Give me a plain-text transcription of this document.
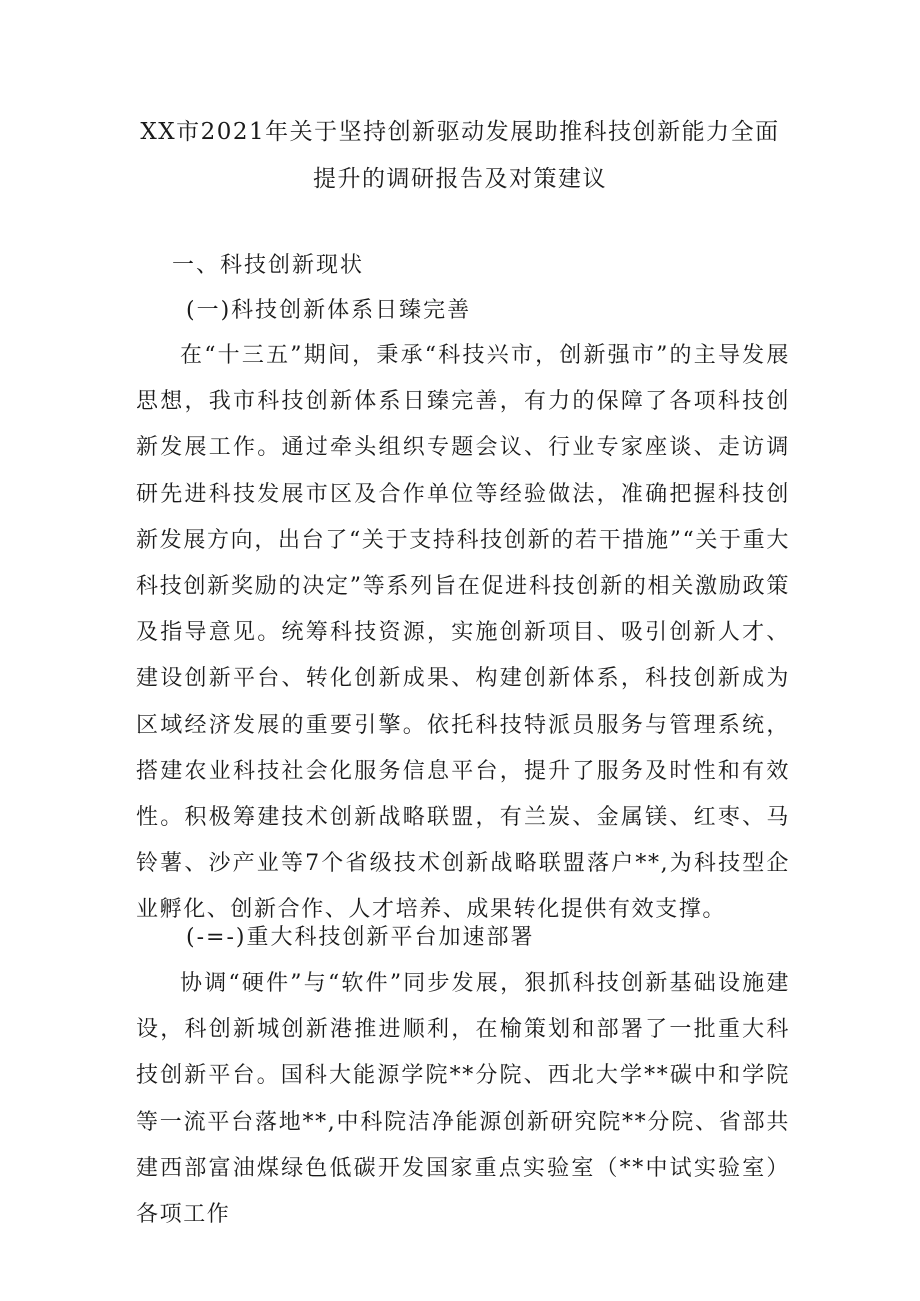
XX市2021年关于坚持创新驱动发展助推科技创新能力全面
提升的调研报告及对策建议
一、科技创新现状
(一)科技创新体系日臻完善

在“十三五”期间，秉承“科技兴市，创新强市”的主导发展思想，我市科技创新体系日臻完善，有力的保障了各项科技创新发展工作。通过牵头组织专题会议、行业专家座谈、走访调研先进科技发展市区及合作单位等经验做法，准确把握科技创新发展方向，出台了“关于支持科技创新的若干措施”“关于重大科技创新奖励的决定”等系列旨在促进科技创新的相关激励政策及指导意见。统筹科技资源，实施创新项目、吸引创新人才、建设创新平台、转化创新成果、构建创新体系，科技创新成为区域经济发展的重要引擎。依托科技特派员服务与管理系统，搭建农业科技社会化服务信息平台，提升了服务及时性和有效性。积极筹建技术创新战略联盟，有兰炭、金属镁、红枣、马铃薯、沙产业等7个省级技术创新战略联盟落户**,为科技型企业孵化、创新合作、人才培养、成果转化提供有效支撑。

(-=-)重大科技创新平台加速部署

协调“硬件”与“软件”同步发展，狠抓科技创新基础设施建设，科创新城创新港推进顺利，在榆策划和部署了一批重大科技创新平台。国科大能源学院**分院、西北大学**碳中和学院等一流平台落地**,中科院洁净能源创新研究院**分院、省部共建西部富油煤绿色低碳开发国家重点实验室（**中试实验室）各项工作
